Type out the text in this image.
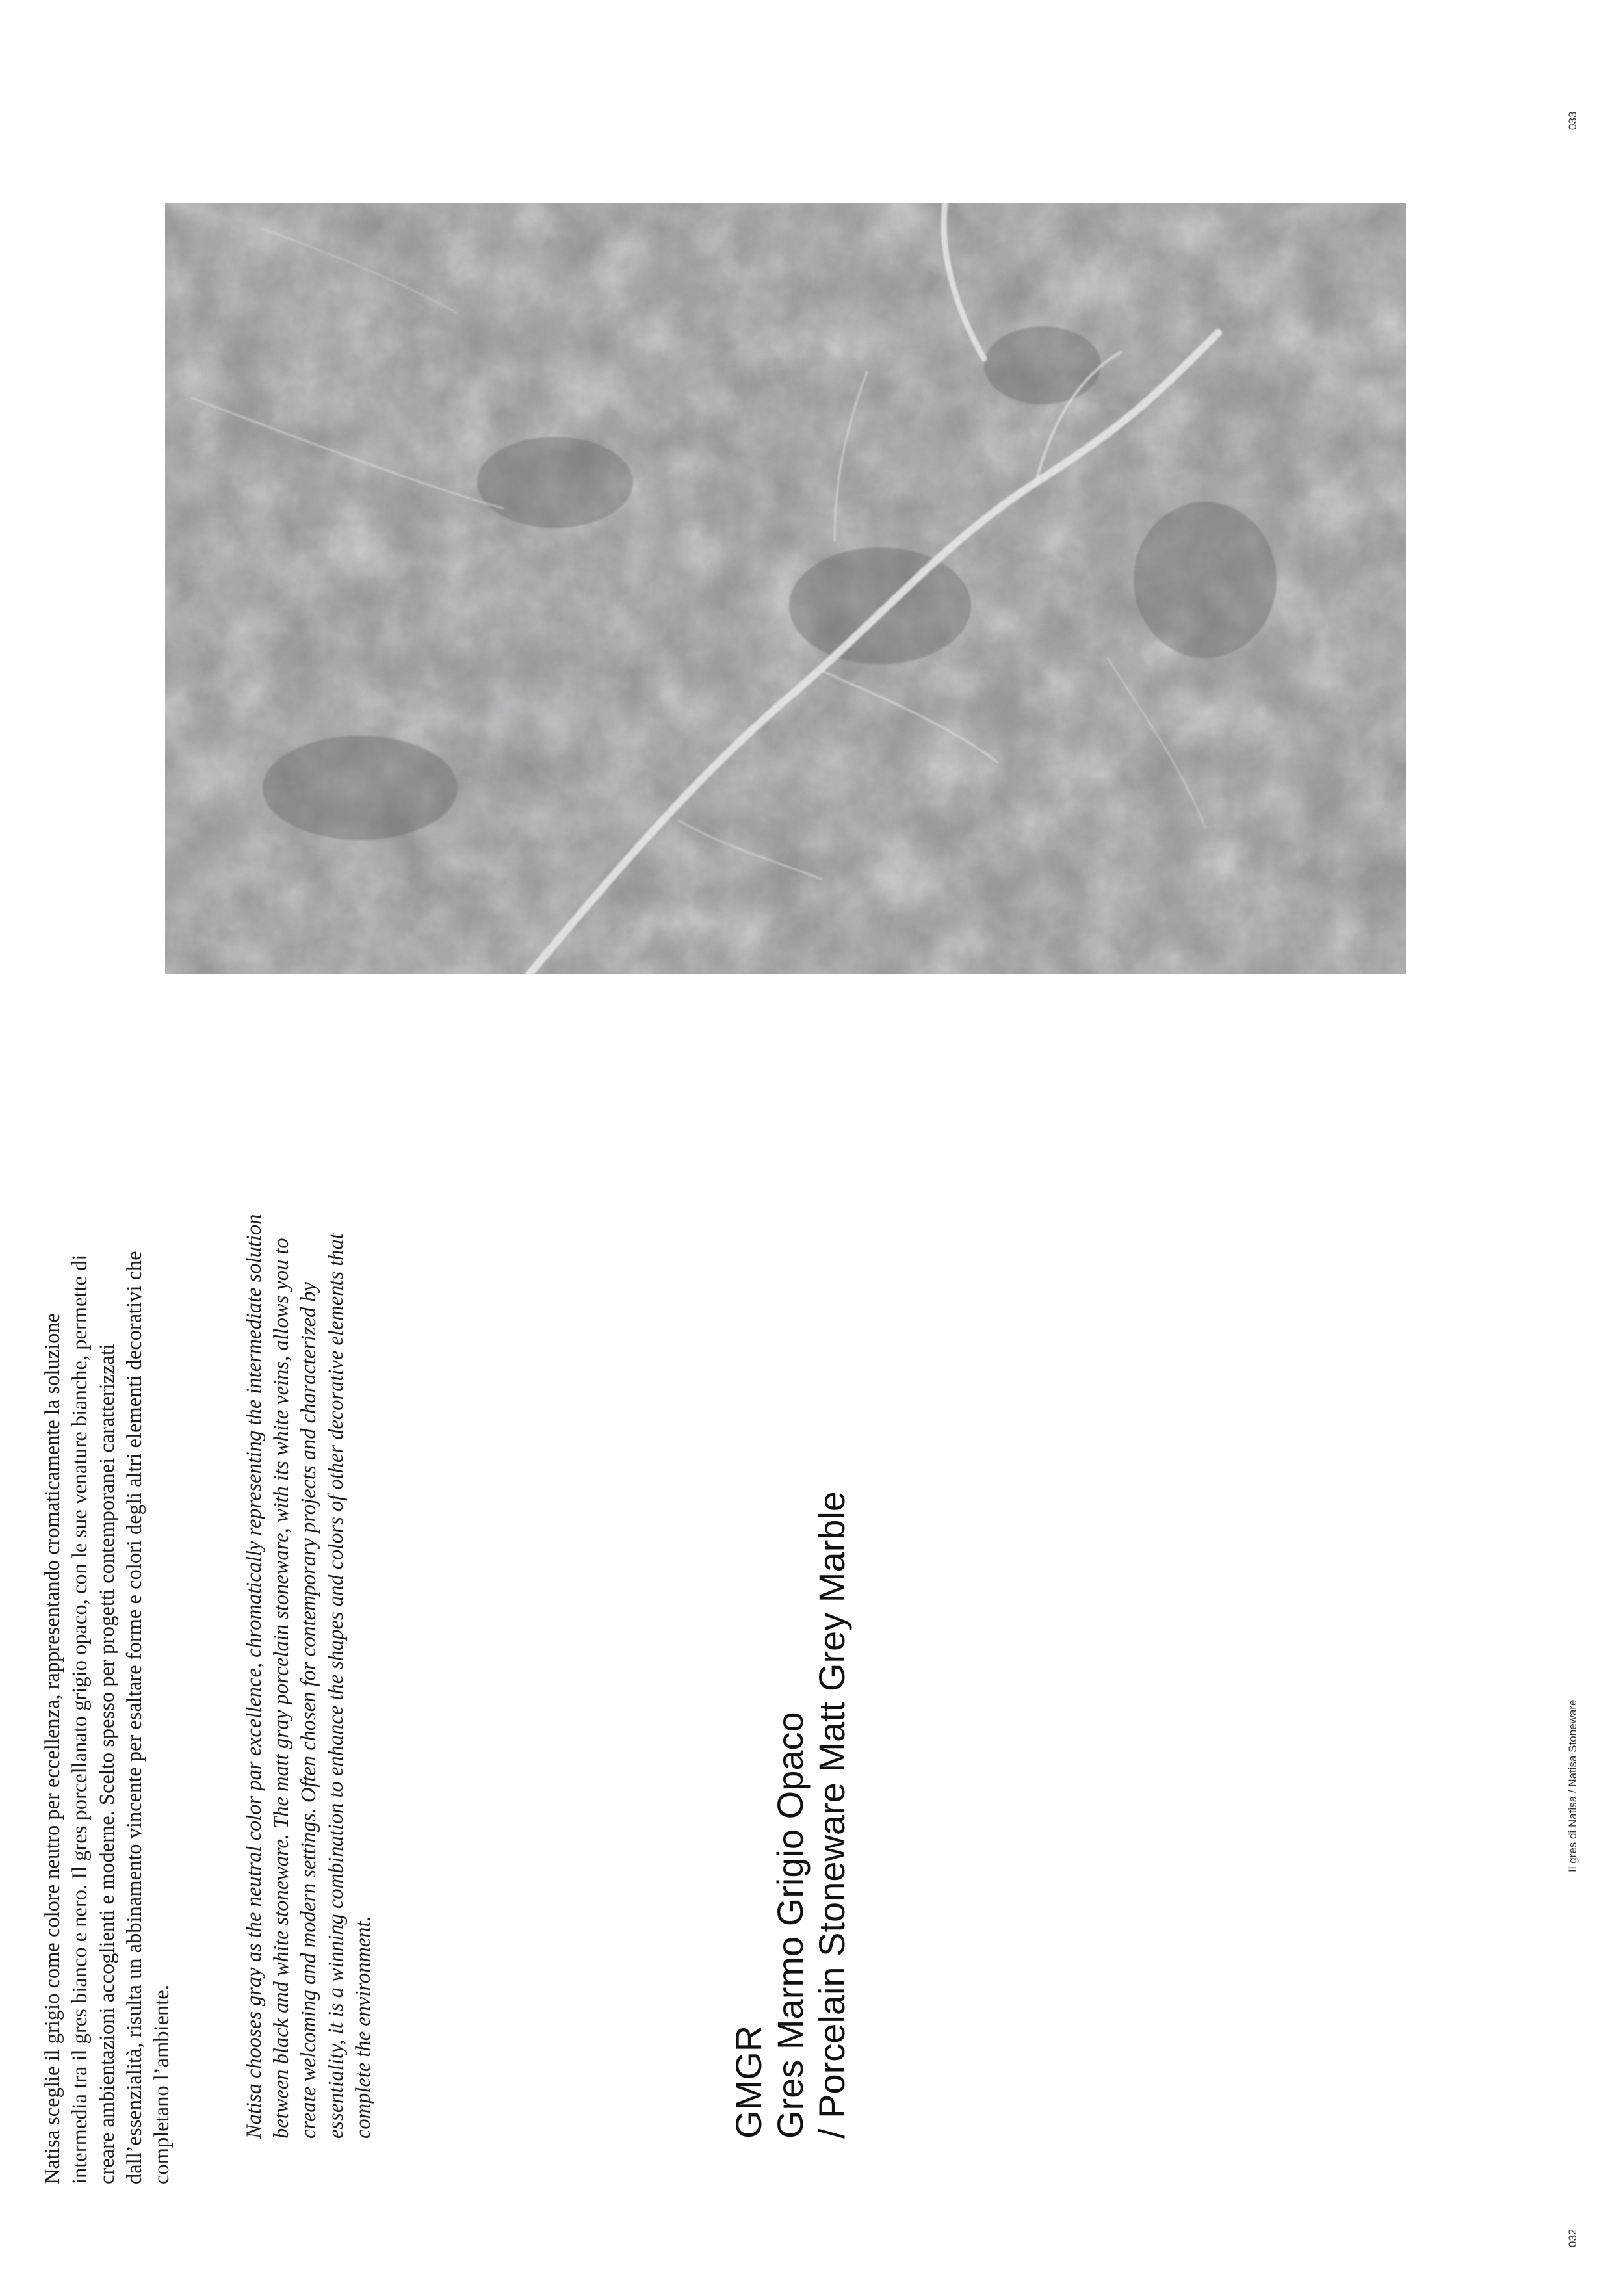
Natisa sceglie il grigio come colore neutro per eccellenza, rappresentando cromaticamente la soluzione intermedia tra il gres bianco e nero. Il gres porcellanato grigio opaco, con le sue venature bianche, permette di creare ambientazioni accoglienti e moderne. Scelto spesso per progetti contemporanei caratterizzati dall’essenzialità, risulta un abbinamento vincente per esaltare forme e colori degli altri elementi decorativi che completano l’ambiente.	Natisa chooses gray as the neutral color par excellence, chromatically representing the intermediate solution between black and white stoneware. The matt gray porcelain stoneware, with its white veins, allows you to create welcoming and modern settings. Often chosen for contemporary projects and characterized by essentiality, it is a winning combination to enhance the shapes and colors of other decorative elements that complete the environment.	GMGR Gres Marmo Grigio Opaco / Porcelain Stoneware Matt Grey Marble
032
Il gres di Natisa / Natisa Stoneware
033
